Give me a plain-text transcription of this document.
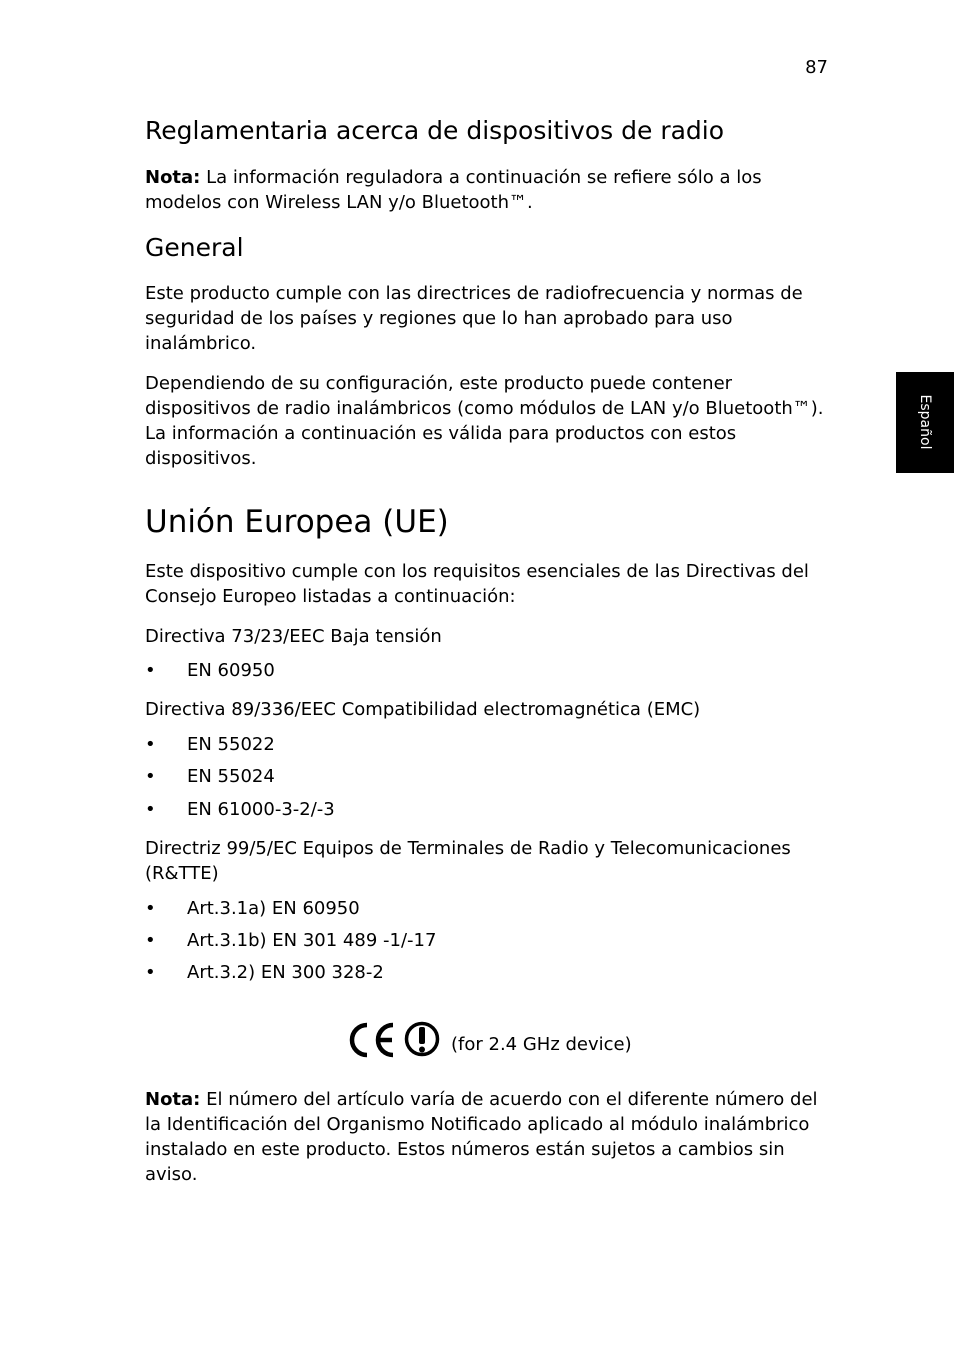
87
Español
Reglamentaria acerca de dispositivos de radio

Nota: La información reguladora a continuación se refiere sólo a los modelos con Wireless LAN y/o Bluetooth™.

General

Este producto cumple con las directrices de radiofrecuencia y normas de seguridad de los países y regiones que lo han aprobado para uso inalámbrico.

Dependiendo de su configuración, este producto puede contener dispositivos de radio inalámbricos (como módulos de LAN y/o Bluetooth™). La información a continuación es válida para productos con estos dispositivos.

Unión Europea (UE)

Este dispositivo cumple con los requisitos esenciales de las Directivas del Consejo Europeo listadas a continuación:

Directiva 73/23/EEC Baja tensión

• EN 60950

Directiva 89/336/EEC Compatibilidad electromagnética (EMC)

• EN 55022
• EN 55024
• EN 61000-3-2/-3

Directriz 99/5/EC Equipos de Terminales de Radio y Telecomunicaciones (R&TTE)

• Art.3.1a) EN 60950
• Art.3.1b) EN 301 489 -1/-17
• Art.3.2) EN 300 328-2
(for 2.4 GHz device)

Nota: El número del artículo varía de acuerdo con el diferente número del la Identificación del Organismo Notificado aplicado al módulo inalámbrico instalado en este producto. Estos números están sujetos a cambios sin aviso.
